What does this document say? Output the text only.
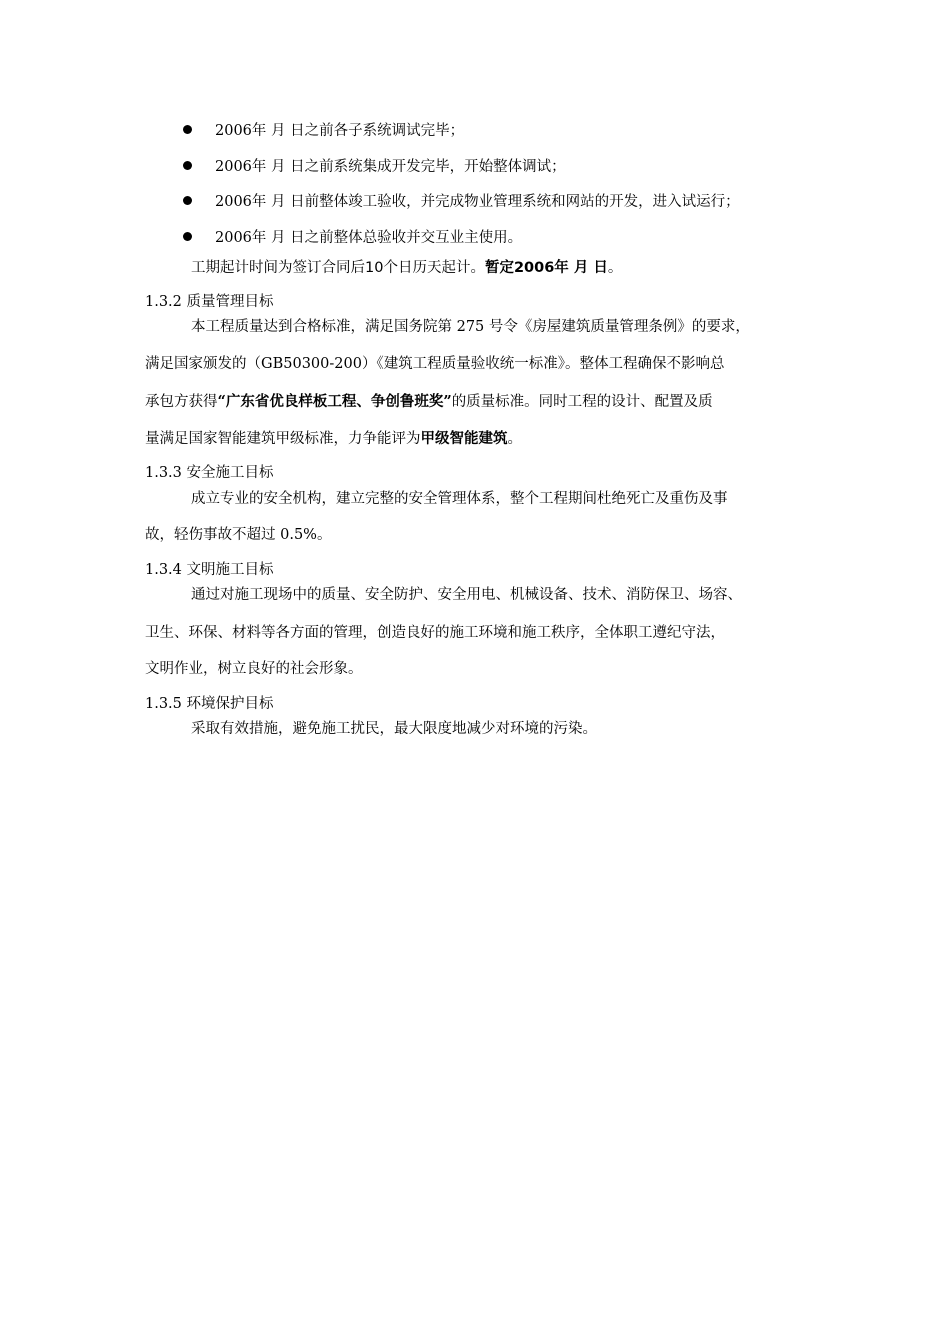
2006年 月 日之前各子系统调试完毕；
2006年 月 日之前系统集成开发完毕，开始整体调试；
2006年 月 日前整体竣工验收，并完成物业管理系统和网站的开发，进入试运行；
2006年 月 日之前整体总验收并交互业主使用。
工期起计时间为签订合同后10个日历天起计。暂定2006年 月 日。
1.3.2 质量管理目标
本工程质量达到合格标准，满足国务院第 275 号令《房屋建筑质量管理条例》的要求，
满足国家颁发的（GB50300-200）《建筑工程质量验收统一标准》。整体工程确保不影响总
承包方获得“广东省优良样板工程、争创鲁班奖”的质量标准。同时工程的设计、配置及质
量满足国家智能建筑甲级标准，力争能评为甲级智能建筑。
1.3.3 安全施工目标
成立专业的安全机构，建立完整的安全管理体系，整个工程期间杜绝死亡及重伤及事
故，轻伤事故不超过 0.5%。
1.3.4 文明施工目标
通过对施工现场中的质量、安全防护、安全用电、机械设备、技术、消防保卫、场容、
卫生、环保、材料等各方面的管理，创造良好的施工环境和施工秩序，全体职工遵纪守法，
文明作业，树立良好的社会形象。
1.3.5 环境保护目标
采取有效措施，避免施工扰民，最大限度地减少对环境的污染。
